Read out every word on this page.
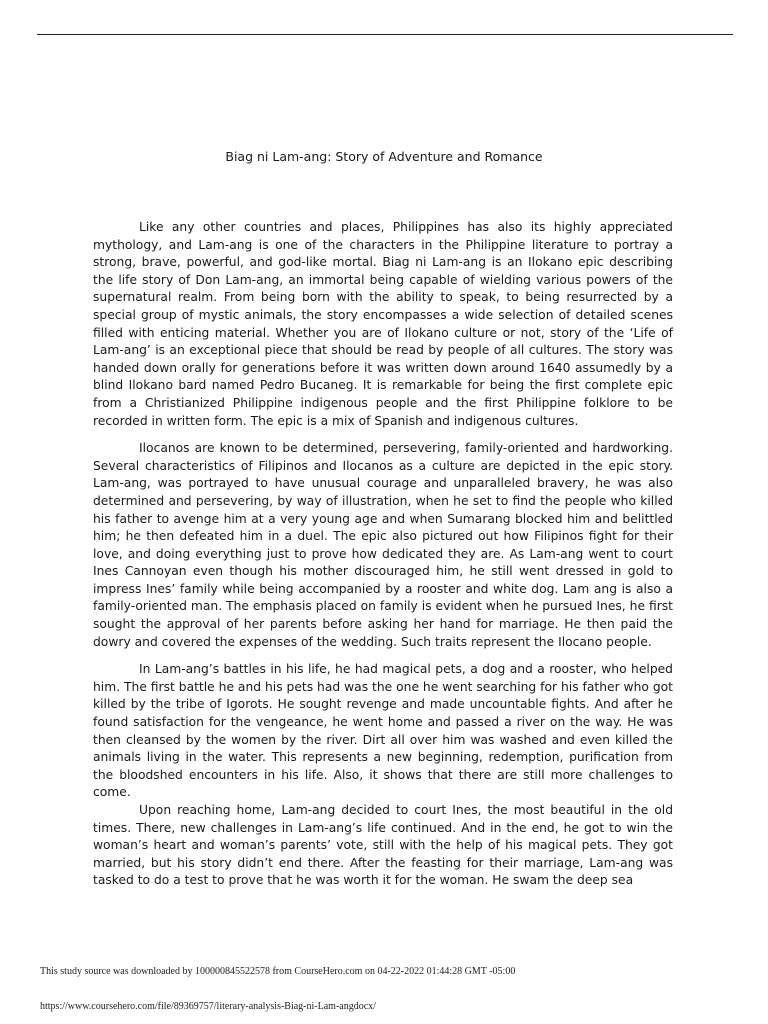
Biag ni Lam-ang: Story of Adventure and Romance

Like any other countries and places, Philippines has also its highly appreciated mythology, and Lam-ang is one of the characters in the Philippine literature to portray a strong, brave, powerful, and god-like mortal. Biag ni Lam-ang is an Ilokano epic describing the life story of Don Lam-ang, an immortal being capable of wielding various powers of the supernatural realm. From being born with the ability to speak, to being resurrected by a special group of mystic animals, the story encompasses a wide selection of detailed scenes filled with enticing material. Whether you are of Ilokano culture or not, story of the ‘Life of Lam-ang’ is an exceptional piece that should be read by people of all cultures. The story was handed down orally for generations before it was written down around 1640 assumedly by a blind Ilokano bard named Pedro Bucaneg. It is remarkable for being the first complete epic from a Christianized Philippine indigenous people and the first Philippine folklore to be recorded in written form. The epic is a mix of Spanish and indigenous cultures.

Ilocanos are known to be determined, persevering, family-oriented and hardworking. Several characteristics of Filipinos and Ilocanos as a culture are depicted in the epic story. Lam-ang, was portrayed to have unusual courage and unparalleled bravery, he was also determined and persevering, by way of illustration, when he set to find the people who killed his father to avenge him at a very young age and when Sumarang blocked him and belittled him; he then defeated him in a duel. The epic also pictured out how Filipinos fight for their love, and doing everything just to prove how dedicated they are. As Lam-ang went to court Ines Cannoyan even though his mother discouraged him, he still went dressed in gold to impress Ines’ family while being accompanied by a rooster and white dog. Lam ang is also a family-oriented man. The emphasis placed on family is evident when he pursued Ines, he first sought the approval of her parents before asking her hand for marriage. He then paid the dowry and covered the expenses of the wedding. Such traits represent the Ilocano people.

In Lam-ang’s battles in his life, he had magical pets, a dog and a rooster, who helped him. The first battle he and his pets had was the one he went searching for his father who got killed by the tribe of Igorots. He sought revenge and made uncountable fights. And after he found satisfaction for the vengeance, he went home and passed a river on the way. He was then cleansed by the women by the river. Dirt all over him was washed and even killed the animals living in the water. This represents a new beginning, redemption, purification from the bloodshed encounters in his life. Also, it shows that there are still more challenges to come.

Upon reaching home, Lam-ang decided to court Ines, the most beautiful in the old times. There, new challenges in Lam-ang’s life continued. And in the end, he got to win the woman’s heart and woman’s parents’ vote, still with the help of his magical pets. They got married, but his story didn’t end there. After the feasting for their marriage, Lam-ang was tasked to do a test to prove that he was worth it for the woman. He swam the deep sea

This study source was downloaded by 100000845522578 from CourseHero.com on 04-22-2022 01:44:28 GMT -05:00
https://www.coursehero.com/file/89369757/literary-analysis-Biag-ni-Lam-angdocx/
